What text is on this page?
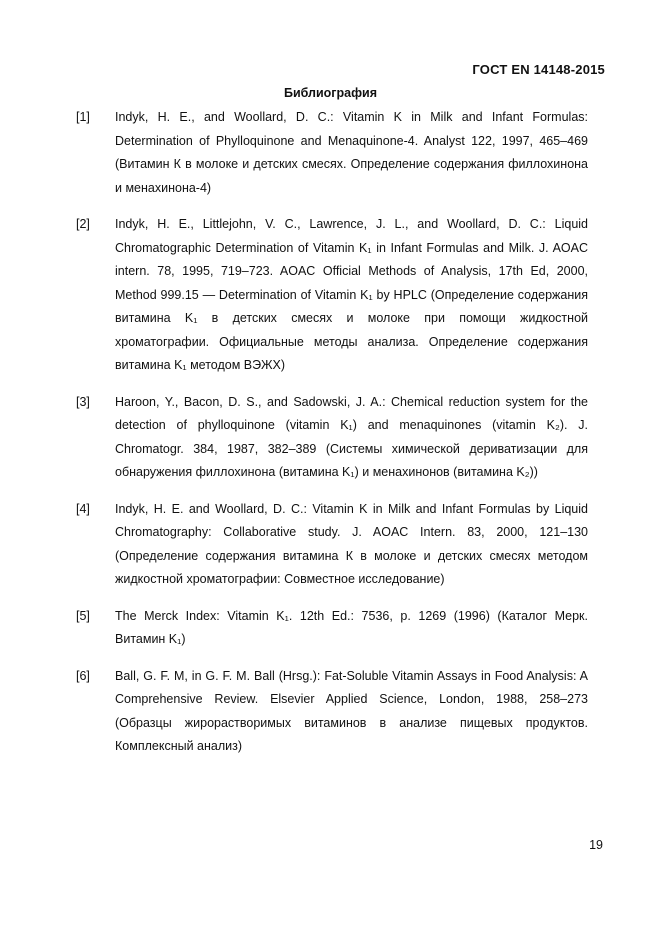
ГОСТ EN 14148-2015
Библиография
[1]	Indyk, H. E., and Woollard, D. C.: Vitamin K in Milk and Infant Formulas: Determination of Phylloquinone and Menaquinone-4. Analyst 122, 1997, 465–469 (Витамин К в молоке и детских смесях. Определение содержания филлохинона и менахинона-4)
[2]	Indyk, H. E., Littlejohn, V. C., Lawrence, J. L., and Woollard, D. C.: Liquid Chromatographic Determination of Vitamin K₁ in Infant Formulas and Milk. J. AOAC intern. 78, 1995, 719–723. AOAC Official Methods of Analysis, 17th Ed, 2000, Method 999.15 — Determination of Vitamin K₁ by HPLC (Определение содержания витамина K₁ в детских смесях и молоке при помощи жидкостной хроматографии. Официальные методы анализа. Определение содержания витамина K₁ методом ВЭЖХ)
[3]	Haroon, Y., Bacon, D. S., and Sadowski, J. A.: Chemical reduction system for the detection of phylloquinone (vitamin K₁) and menaquinones (vitamin K₂). J. Chromatogr. 384, 1987, 382–389 (Системы химической дериватизации для обнаружения филлохинона (витамина K₁) и менахинонов (витамина K₂))
[4]	Indyk, H. E. and Woollard, D. C.: Vitamin K in Milk and Infant Formulas by Liquid Chromatography: Collaborative study. J. AOAC Intern. 83, 2000, 121–130 (Определение содержания витамина К в молоке и детских смесях методом жидкостной хроматографии: Совместное исследование)
[5]	The Merck Index: Vitamin K₁. 12th Ed.: 7536, p. 1269 (1996) (Каталог Мерк. Витамин K₁)
[6]	Ball, G. F. M, in G. F. M. Ball (Hrsg.): Fat-Soluble Vitamin Assays in Food Analysis: A Comprehensive Review. Elsevier Applied Science, London, 1988, 258–273 (Образцы жирорастворимых витаминов в анализе пищевых продуктов. Комплексный анализ)
19
